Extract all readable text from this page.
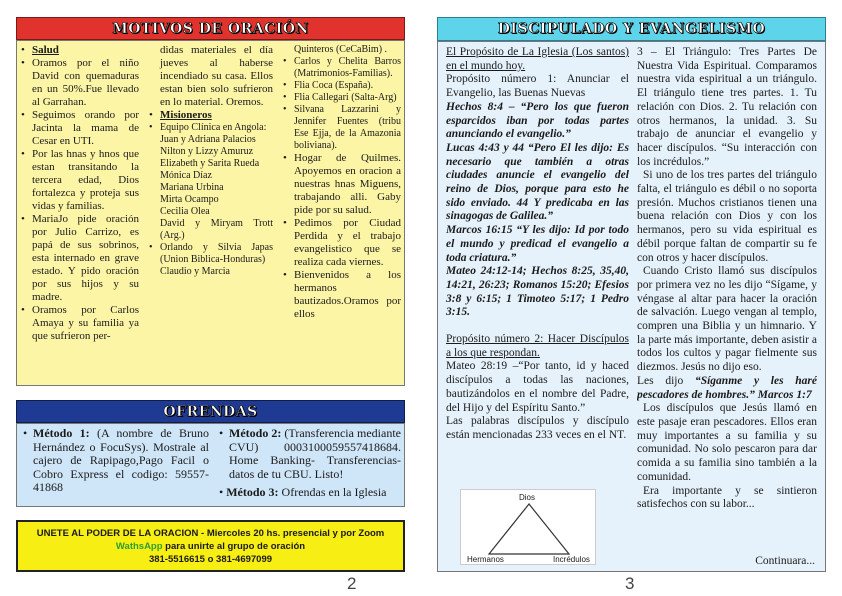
MOTIVOS DE ORACIÓN
• Salud
• Oramos por el niño David con quemaduras en un 50%.Fue llevado al Garrahan.
• Seguimos orando por Jacinta la mama de Cesar en UTI.
• Por las hnas y hnos que estan transitando la tercera edad, Dios fortalezca y proteja sus vidas y familias.
• MariaJo pide oración por Julio Carrizo, es papá de sus sobrinos, esta internado en grave estado. Y pido oración por sus hijos y su madre.
• Oramos por Carlos Amaya y su familia ya que sufrieron per-
didas materiales el día jueves al haberse incendiado su casa. Ellos estan bien solo sufrieron en lo material. Oremos.
• Misioneros
• Equipo Clínica en Angola:
Juan y Adriana Palacios
Nilton y Lizzy Amuruz
Elizabeth y Sarita Rueda
Mónica Díaz
Mariana Urbina
Mirta Ocampo
Cecilia Olea
David y Miryam Trott (Arg.)
• Orlando y Silvia Japas (Union Biblica-Honduras)
Claudio y Marcia
Quinteros (CeCaBim) .
• Carlos y Chelita Barros (Matrimonios-Familias).
• Flia Coca (España).
• Flia Callegari (Salta-Arg)
• Silvana Lazzarini y Jennifer Fuentes (tribu Ese Ejja, de la Amazonia boliviana).
• Hogar de Quilmes. Apoyemos en oracion a nuestras hnas Miguens, trabajando alli. Gaby pide por su salud.
• Pedimos por Ciudad Perdida y el trabajo evangelistico que se realiza cada viernes.
• Bienvenidos a los hermanos bautizados.Oramos por ellos
OFRENDAS
• Método 1: (A nombre de Bruno Hernández o FocuSys). Mostrale al cajero de Rapipago,Pago Facil o Cobro Express el codigo: 59557-41868
• Método 2: (Transferencia mediante CVU) 0003100059557418684. Home Banking- Transferencias-datos de tu CBU. Listo!
• Método 3: Ofrendas en la Iglesia
UNETE AL PODER DE LA ORACION - Miercoles 20 hs. presencial y por Zoom
WathsApp para unirte al grupo de oración
381-5516615 o 381-4697099
2
DISCIPULADO Y EVANGELISMO

El Propósito de La Iglesia (Los santos) en el mundo hoy.

Propósito número 1: Anunciar el Evangelio, las Buenas Nuevas

Hechos 8:4 – “Pero los que fueron esparcidos iban por todas partes anunciando el evangelio.”

Lucas 4:43 y 44 “Pero El les dijo: Es necesario que también a otras ciudades anuncie el evangelio del reino de Dios, porque para esto he sido enviado. 44 Y predicaba en las sinagogas de Galilea.”

Marcos 16:15 “Y les dijo: Id por todo el mundo y predicad el evangelio a toda criatura.”

Mateo 24:12-14; Hechos 8:25, 35,40, 14:21, 26:23; Romanos 15:20; Efesios 3:8 y 6:15; 1 Timoteo 5:17; 1 Pedro 3:15.

Propósito número 2: Hacer Discípulos a los que respondan.

Mateo 28:19 –“Por tanto, id y haced discípulos a todas las naciones, bautizándolos en el nombre del Padre, del Hijo y del Espíritu Santo.”

Las palabras discípulos y discípulo están mencionadas 233 veces en el NT.

3 – El Triángulo: Tres Partes De Nuestra Vida Espiritual. Comparamos nuestra vida espiritual a un triángulo. El triángulo tiene tres partes. 1. Tu relación con Dios. 2. Tu relación con otros hermanos, la unidad. 3. Su trabajo de anunciar el evangelio y hacer discípulos. “Su interacción con los incrédulos.”

Si uno de los tres partes del triángulo falta, el triángulo es débil o no soporta presión. Muchos cristianos tienen una buena relación con Dios y con los hermanos, pero su vida espiritual es débil porque faltan de compartir su fe con otros y hacer discípulos.

Cuando Cristo llamó sus discípulos por primera vez no les dijo “Sígame, y véngase al altar para hacer la oración de salvación. Luego vengan al templo, compren una Biblia y un himnario. Y la parte más importante, deben asistir a todos los cultos y pagar fielmente sus diezmos. Jesús no dijo eso.

Les dijo “Síganme y les haré pescadores de hombres.” Marcos 1:7

Los discípulos que Jesús llamó en este pasaje eran pescadores. Ellos eran muy importantes a su familia y su comunidad. No solo pescaron para dar comida a su familia sino también a la comunidad.

Era importante y se sintieron satisfechos con su labor...

Continuara...
Dios
Hermanos	Incrédulos
3
